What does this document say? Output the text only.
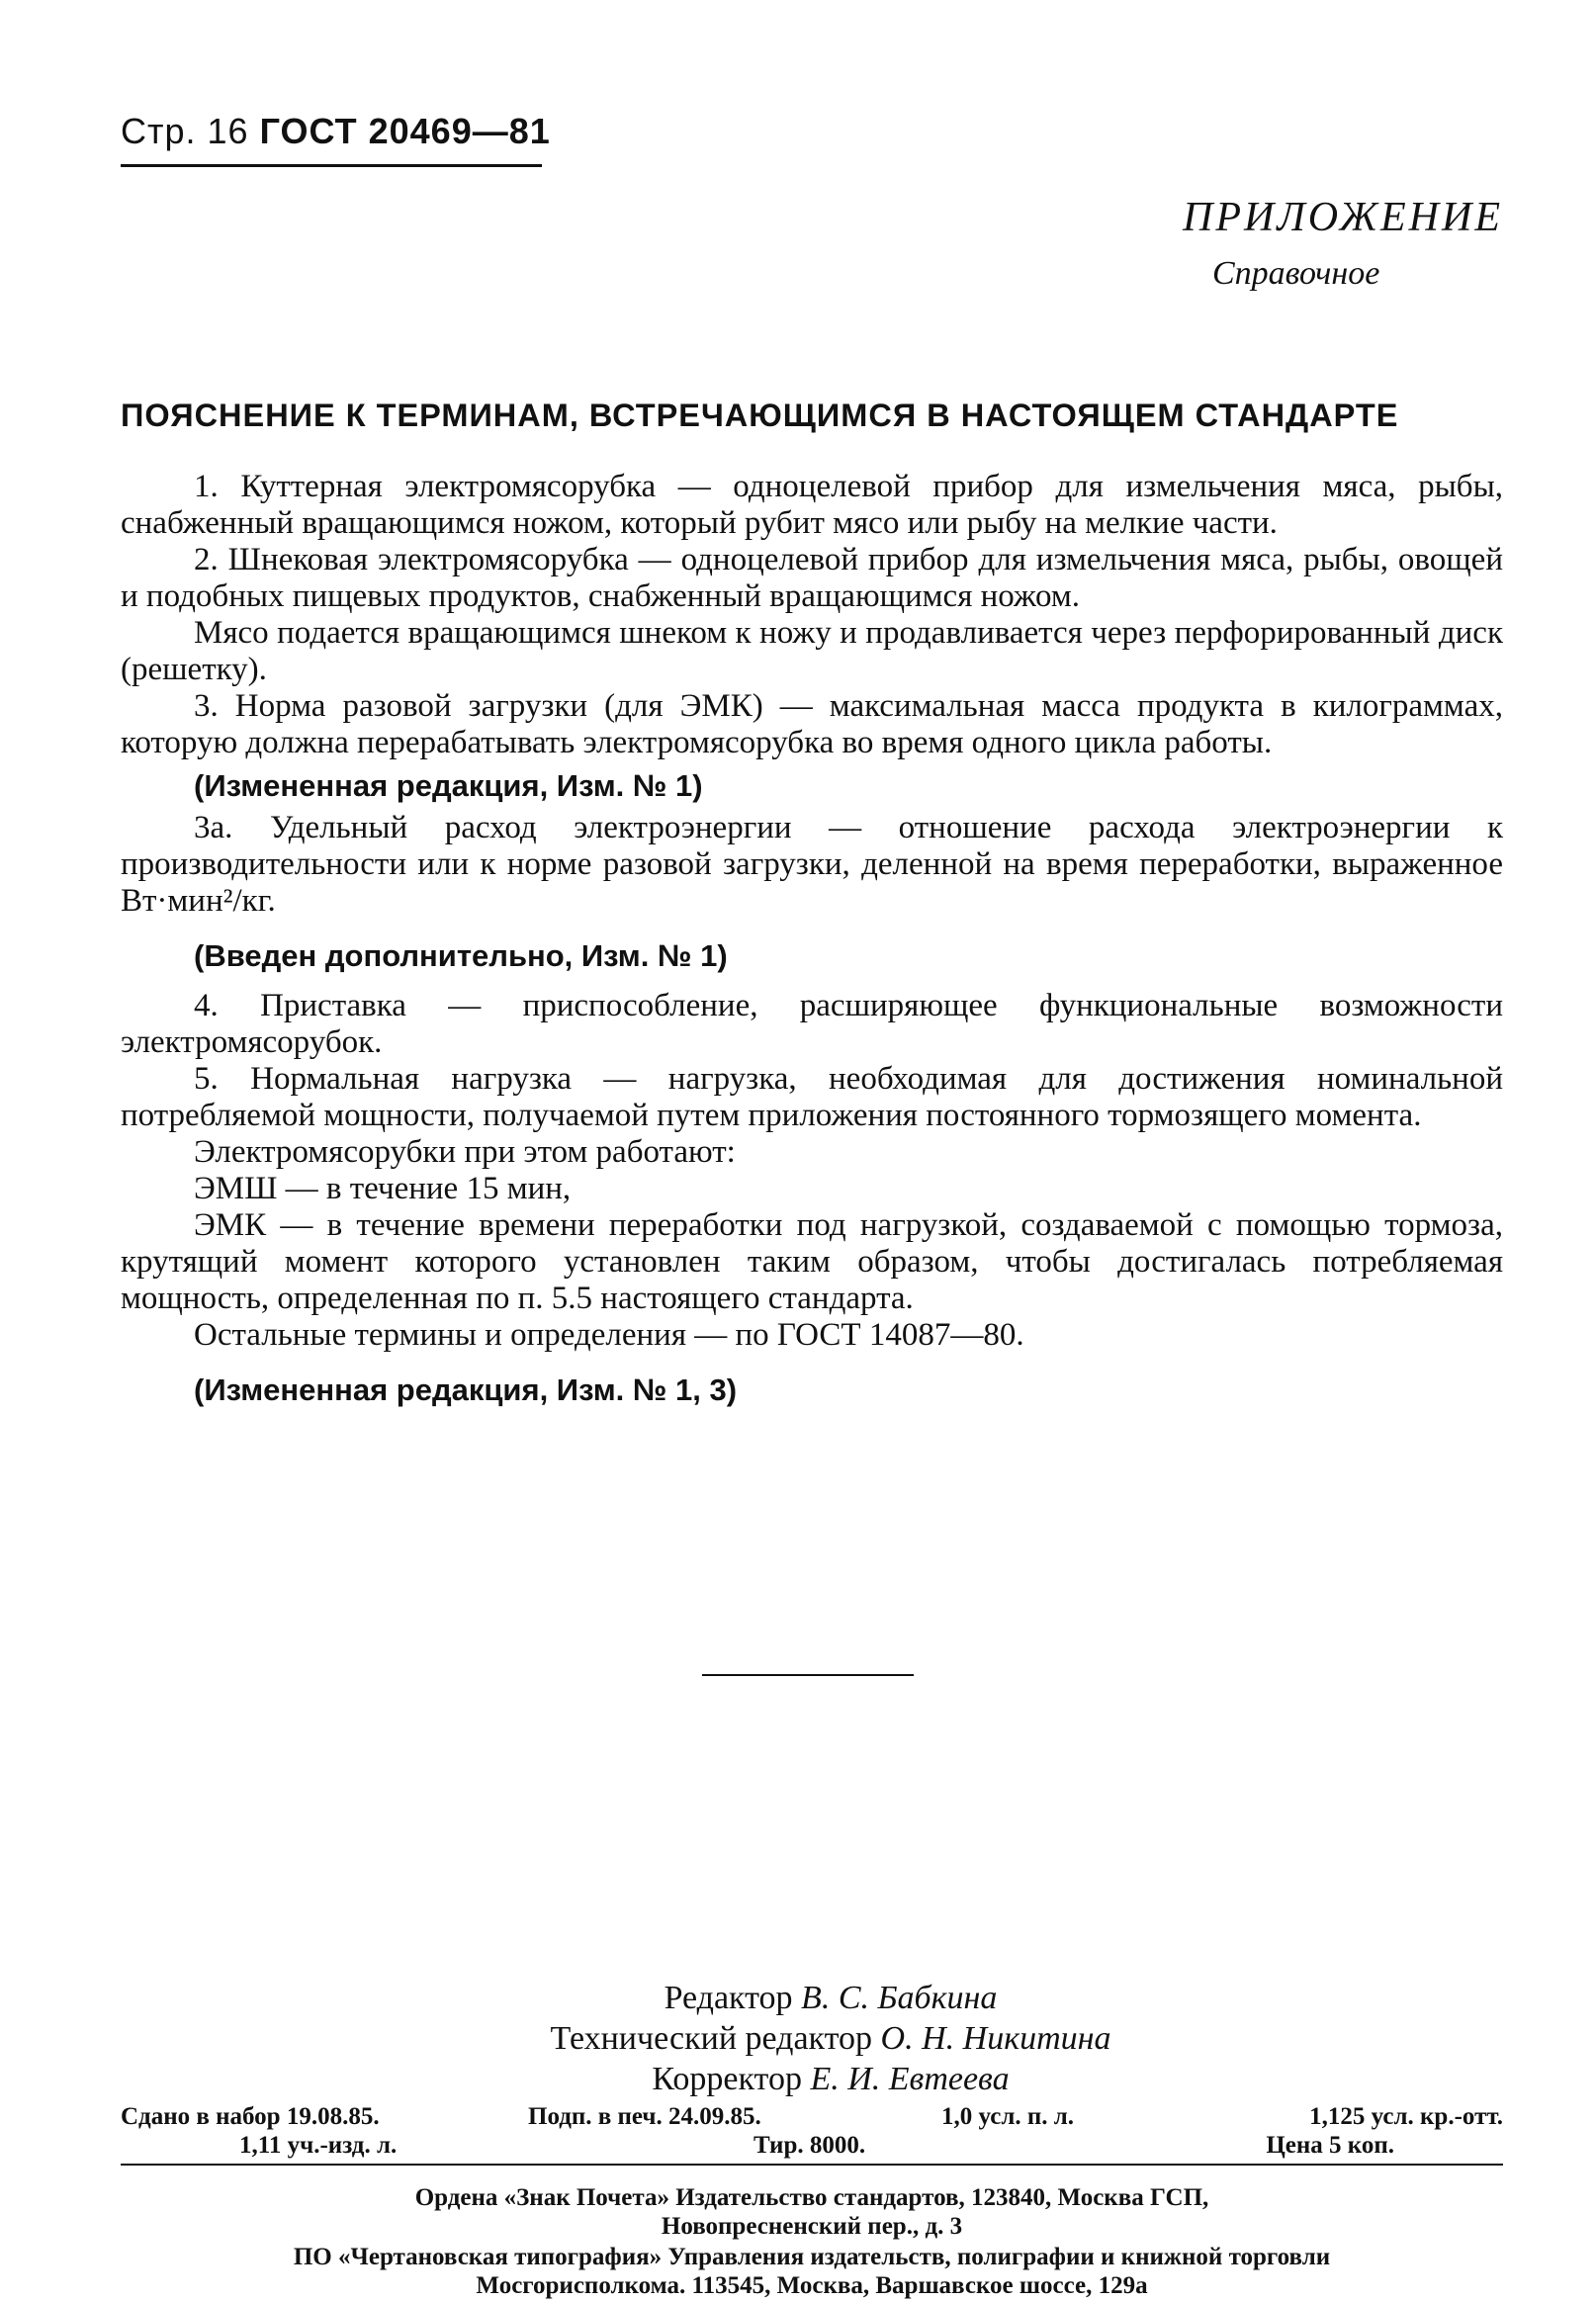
Стр. 16 ГОСТ 20469—81
ПРИЛОЖЕНИЕ
Справочное
ПОЯСНЕНИЕ К ТЕРМИНАМ, ВСТРЕЧАЮЩИМСЯ В НАСТОЯЩЕМ СТАНДАРТЕ

1. Куттерная электромясорубка — одноцелевой прибор для измельчения мяса, рыбы, снабженный вращающимся ножом, который рубит мясо или рыбу на мелкие части.

2. Шнековая электромясорубка — одноцелевой прибор для измельчения мяса, рыбы, овощей и подобных пищевых продуктов, снабженный вращающимся ножом.

Мясо подается вращающимся шнеком к ножу и продавливается через перфорированный диск (решетку).

3. Норма разовой загрузки (для ЭМК) — максимальная масса продукта в килограммах, которую должна перерабатывать электромясорубка во время одного цикла работы.

(Измененная редакция, Изм. № 1)

3а. Удельный расход электроэнергии — отношение расхода электроэнергии к производительности или к норме разовой загрузки, деленной на время переработки, выраженное Вт·мин²/кг.

(Введен дополнительно, Изм. № 1)

4. Приставка — приспособление, расширяющее функциональные возможности электромясорубок.

5. Нормальная нагрузка — нагрузка, необходимая для достижения номинальной потребляемой мощности, получаемой путем приложения постоянного тормозящего момента.

Электромясорубки при этом работают:

ЭМШ — в течение 15 мин,

ЭМК — в течение времени переработки под нагрузкой, создаваемой с помощью тормоза, крутящий момент которого установлен таким образом, чтобы достигалась потребляемая мощность, определенная по п. 5.5 настоящего стандарта.

Остальные термины и определения — по ГОСТ 14087—80.

(Измененная редакция, Изм. № 1, 3)

Редактор В. С. Бабкина
Технический редактор О. Н. Никитина
Корректор Е. И. Евтеева
Сдано в набор 19.08.85.	Подп. в печ. 24.09.85.	1,0 усл. п. л.	1,125 усл. кр.-отт.
1,11 уч.-изд. л.	Тир. 8000.	Цена 5 коп.
Ордена «Знак Почета» Издательство стандартов, 123840, Москва ГСП,
Новопресненский пер., д. 3
ПО «Чертановская типография» Управления издательств, полиграфии и книжной торговли
Мосгорисполкома. 113545, Москва, Варшавское шоссе, 129а
